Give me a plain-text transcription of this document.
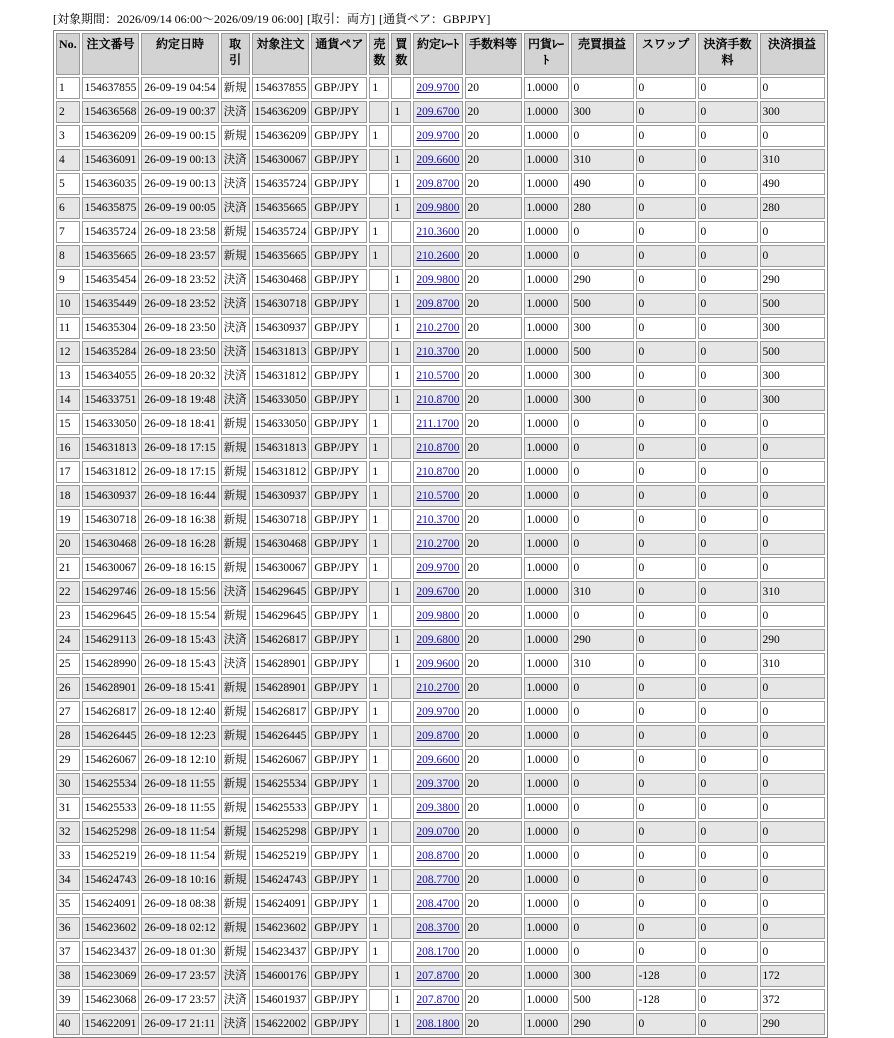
[対象期間：2026/09/14 06:00〜2026/09/19 06:00] [取引：両方] [通貨ペア：GBPJPY]
No.	注文番号	約定日時	取引	対象注文	通貨ペア	売数	買数	約定ﾚｰﾄ	手数料等	円貨ﾚｰﾄ	売買損益	スワップ	決済手数料	決済損益
1	154637855	26-09-19 04:54	新規	154637855	GBP/JPY	1		209.9700	20	1.0000	0	0	0	0
2	154636568	26-09-19 00:37	決済	154636209	GBP/JPY		1	209.6700	20	1.0000	300	0	0	300
3	154636209	26-09-19 00:15	新規	154636209	GBP/JPY	1		209.9700	20	1.0000	0	0	0	0
4	154636091	26-09-19 00:13	決済	154630067	GBP/JPY		1	209.6600	20	1.0000	310	0	0	310
5	154636035	26-09-19 00:13	決済	154635724	GBP/JPY		1	209.8700	20	1.0000	490	0	0	490
6	154635875	26-09-19 00:05	決済	154635665	GBP/JPY		1	209.9800	20	1.0000	280	0	0	280
7	154635724	26-09-18 23:58	新規	154635724	GBP/JPY	1		210.3600	20	1.0000	0	0	0	0
8	154635665	26-09-18 23:57	新規	154635665	GBP/JPY	1		210.2600	20	1.0000	0	0	0	0
9	154635454	26-09-18 23:52	決済	154630468	GBP/JPY		1	209.9800	20	1.0000	290	0	0	290
10	154635449	26-09-18 23:52	決済	154630718	GBP/JPY		1	209.8700	20	1.0000	500	0	0	500
11	154635304	26-09-18 23:50	決済	154630937	GBP/JPY		1	210.2700	20	1.0000	300	0	0	300
12	154635284	26-09-18 23:50	決済	154631813	GBP/JPY		1	210.3700	20	1.0000	500	0	0	500
13	154634055	26-09-18 20:32	決済	154631812	GBP/JPY		1	210.5700	20	1.0000	300	0	0	300
14	154633751	26-09-18 19:48	決済	154633050	GBP/JPY		1	210.8700	20	1.0000	300	0	0	300
15	154633050	26-09-18 18:41	新規	154633050	GBP/JPY	1		211.1700	20	1.0000	0	0	0	0
16	154631813	26-09-18 17:15	新規	154631813	GBP/JPY	1		210.8700	20	1.0000	0	0	0	0
17	154631812	26-09-18 17:15	新規	154631812	GBP/JPY	1		210.8700	20	1.0000	0	0	0	0
18	154630937	26-09-18 16:44	新規	154630937	GBP/JPY	1		210.5700	20	1.0000	0	0	0	0
19	154630718	26-09-18 16:38	新規	154630718	GBP/JPY	1		210.3700	20	1.0000	0	0	0	0
20	154630468	26-09-18 16:28	新規	154630468	GBP/JPY	1		210.2700	20	1.0000	0	0	0	0
21	154630067	26-09-18 16:15	新規	154630067	GBP/JPY	1		209.9700	20	1.0000	0	0	0	0
22	154629746	26-09-18 15:56	決済	154629645	GBP/JPY		1	209.6700	20	1.0000	310	0	0	310
23	154629645	26-09-18 15:54	新規	154629645	GBP/JPY	1		209.9800	20	1.0000	0	0	0	0
24	154629113	26-09-18 15:43	決済	154626817	GBP/JPY		1	209.6800	20	1.0000	290	0	0	290
25	154628990	26-09-18 15:43	決済	154628901	GBP/JPY		1	209.9600	20	1.0000	310	0	0	310
26	154628901	26-09-18 15:41	新規	154628901	GBP/JPY	1		210.2700	20	1.0000	0	0	0	0
27	154626817	26-09-18 12:40	新規	154626817	GBP/JPY	1		209.9700	20	1.0000	0	0	0	0
28	154626445	26-09-18 12:23	新規	154626445	GBP/JPY	1		209.8700	20	1.0000	0	0	0	0
29	154626067	26-09-18 12:10	新規	154626067	GBP/JPY	1		209.6600	20	1.0000	0	0	0	0
30	154625534	26-09-18 11:55	新規	154625534	GBP/JPY	1		209.3700	20	1.0000	0	0	0	0
31	154625533	26-09-18 11:55	新規	154625533	GBP/JPY	1		209.3800	20	1.0000	0	0	0	0
32	154625298	26-09-18 11:54	新規	154625298	GBP/JPY	1		209.0700	20	1.0000	0	0	0	0
33	154625219	26-09-18 11:54	新規	154625219	GBP/JPY	1		208.8700	20	1.0000	0	0	0	0
34	154624743	26-09-18 10:16	新規	154624743	GBP/JPY	1		208.7700	20	1.0000	0	0	0	0
35	154624091	26-09-18 08:38	新規	154624091	GBP/JPY	1		208.4700	20	1.0000	0	0	0	0
36	154623602	26-09-18 02:12	新規	154623602	GBP/JPY	1		208.3700	20	1.0000	0	0	0	0
37	154623437	26-09-18 01:30	新規	154623437	GBP/JPY	1		208.1700	20	1.0000	0	0	0	0
38	154623069	26-09-17 23:57	決済	154600176	GBP/JPY		1	207.8700	20	1.0000	300	-128	0	172
39	154623068	26-09-17 23:57	決済	154601937	GBP/JPY		1	207.8700	20	1.0000	500	-128	0	372
40	154622091	26-09-17 21:11	決済	154622002	GBP/JPY		1	208.1800	20	1.0000	290	0	0	290
